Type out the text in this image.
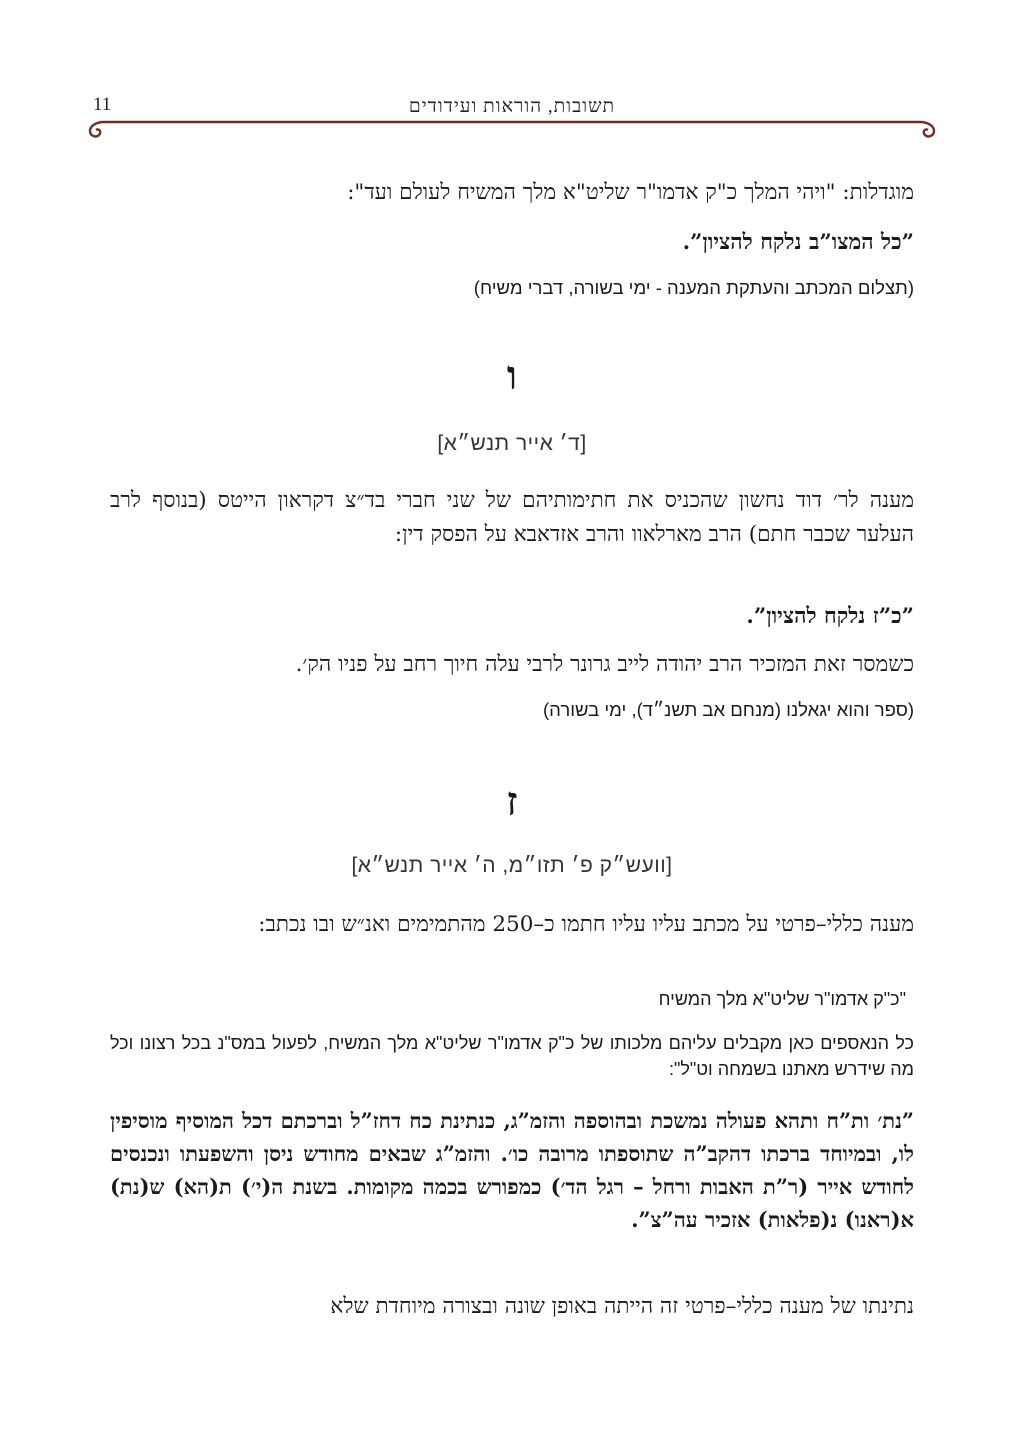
11	תשובות, הוראות ועידודים

מוגדלות: "ויהי המלך כ"ק אדמו"ר שליט"א מלך המשיח לעולם ועד":

”כל המצו”ב נלקח להציון”.

(תצלום המכתב והעתקת המענה - ימי בשורה, דברי משיח)

ו
[ד׳ אייר תנש״א]

מענה לר׳ דוד נחשון שהכניס את חתימותיהם של שני חברי בד״צ דקראון הייטס (בנוסף לרב העלער שכבר חתם) הרב מארלאוו והרב אזדאבא על הפסק דין:

”כ”ז נלקח להציון”.

כשמסר זאת המזכיר הרב יהודה לייב גרונר לרבי עלה חיוך רחב על פניו הק׳.

(ספר והוא יגאלנו (מנחם אב תשנ״ד), ימי בשורה)

ז
[וועש״ק פ׳ תזו״מ, ה׳ אייר תנש״א]

מענה כללי–פרטי על מכתב עליו עליו חתמו כ–250 מהתמימים ואנ״ש ובו נכתב:

"כ"ק אדמו"ר שליט"א מלך המשיח

כל הנאספים כאן מקבלים עליהם מלכותו של כ"ק אדמו"ר שליט"א מלך המשיח, לפעול במס"נ בכל רצונו וכל מה שידרש מאתנו בשמחה וט"ל":

”נת׳ ות”ח ותהא פעולה נמשכת ובהוספה והזמ”ג, כנתינת כח דחז”ל וברכתם דכל המוסיף מוסיפין לו, ובמיוחד ברכתו דהקב”ה שתוספתו מרובה כו׳. והזמ”ג שבאים מחודש ניסן והשפעתו ונכנסים לחודש אייר (ר”ת האבות ורחל – רגל הד׳) כמפורש בכמה מקומות. בשנת ה(י׳) ת(הא) ש(נת) א(ראנו) נ(פלאות) אזכיר עה”צ”.

נתינתו של מענה כללי–פרטי זה הייתה באופן שונה ובצורה מיוחדת שלא
